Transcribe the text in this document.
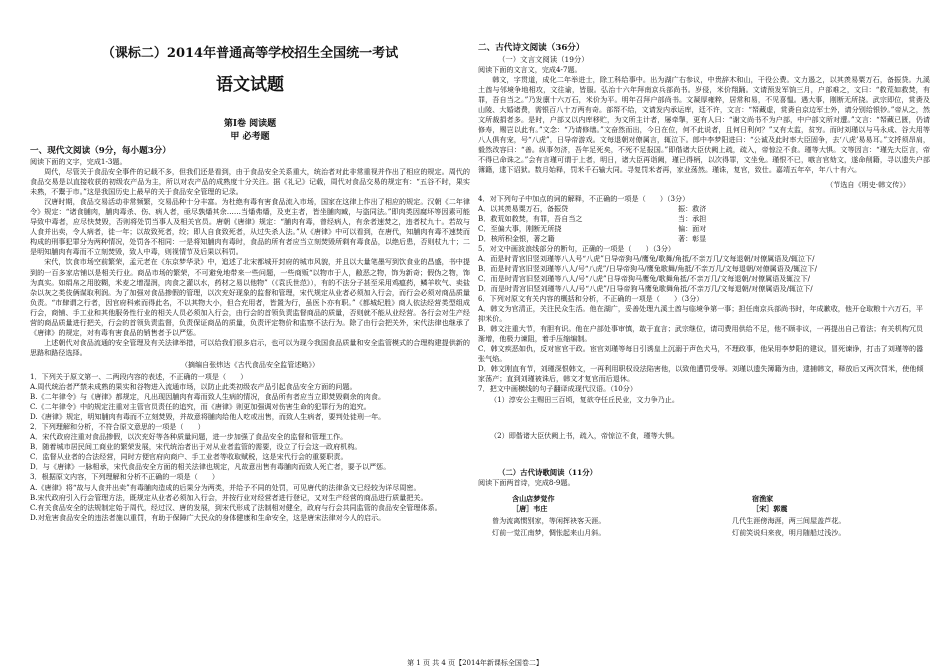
（课标二）2014年普通高等学校招生全国统一考试
语文试题
第Ⅰ卷 阅读题
甲 必考题
一、现代文阅读（9分，每小题3分）

阅读下面的文字，完成1-3题。

周代，尽管关于食品安全事件的记载不多，但我们还是看到，由于食品安全关系重大，统治者对此非常重视并作出了相应的规定。周代的食品交易是以直接收获的初级农产品为主，所以对农产品的成熟度十分关注。据《礼记》记载，周代对食品交易的规定有：“五谷不时，果实未熟，不鬻于市。”这是我国历史上最早的关于食品安全管理的记录。

汉唐时期，食品交易活动非常频繁，交易品种十分丰富。为杜绝有毒有害食品流入市场，国家在这律上作出了相应的规定。汉朝《二年律令》规定：“诸食脯肉，脯肉毒杀、伤、病人者，亟尽孰燔其余……当燔弗燔，及吏主者，皆坐脯肉臧，与盗同法。”即肉类因腐坏等因素可能导致中毒者，应尽快焚毁，否则将处罚当事人及相关官员。唐朝《唐律》规定：“脯肉有毒，曾经病人，有余者速焚之，违者杖九十。若故与人食并出卖，令人病者，徒一年；以故致死者，绞；即人自食致死者，从过失杀人法。”从《唐律》中可以看到，在唐代，知脯肉有毒不速焚而构成的刑事犯罪分为两种情况，处罚各不相同：一是将知脯肉有毒时，食品的所有者应当立刻焚毁所剩有毒食品，以绝后患，否则杖九十；二是明知脯肉有毒而不立刻焚毁，致人中毒，则视情节及后果以科罚。

宋代，饮食市场空前繁荣，孟元老在《东京梦华录》中，追述了北宋都城开封府的城市风貌，并且以大量笔墨写到饮食业的昌盛，书中提到的一百多家店铺以是相关行业。商品市场的繁荣，不可避免地带来一些问题，一些商贩“以物市于人，敝恶之物，饰为新奇；假伪之物，饰为真实。如绢帛之用胶糊，米麦之增湿润，肉食之灌以水，药材之易以他物”（《袁氏世范》），有的不法分子甚至采用鸡瘟药，鳞羊吹气、卖盐杂以灰之类伎俩谋取利润。为了加强对食品掺假的管理，以次充好现象的监督和管理，宋代规定从业者必须加入行会，而行会必须对商品质量负责。“市肆谓之行者，因官府科索而得此名，不以其物大小，但合充用者，皆置为行，虽医卜亦有职。”《都城纪胜》商人依法经营类型组成行会，商铺、手工业和其他服务性行业的相关人员必须加入行会，由行会的首领负责监督商品的质量，否则就不能从业经营。各行会对生产经营的商品质量进行把关，行会的首领负责监督，负责保证商品的质量，负责评定物价和监察不法行为。除了由行会把关外，宋代法律也继承了《唐律》的规定，对有毒有害食品的销售者予以严惩。

上述朝代对食品流通的安全管理及有关法律举措，可以给我们很多启示，也可以为现今我国食品质量和安全监管模式的合理构建提供新的思路和路径选择。

（摘编自张炜达《古代食品安全监管述略》）

1．下列关于原文第一、二两段内容的表述，不正确的一项是（　　）

A.周代统治者严禁未成熟的果实和谷物进入流通市场，以防止此类初级农产品引起食品安全方面的问题。

B.《二年律令》与《唐律》都规定，凡出现因脯肉有毒而致人生病的情况，食品所有者应当立即焚毁剩余的肉食。

C.《二年律令》中的规定注重对主管官员责任的追究，而《唐律》则更加强调对伤害生命的犯罪行为的追究。

D.《唐律》规定，明知脯肉有毒而不立刻焚毁，并故意将脯肉给他人吃或出售，而致人生病者，要判处徒刑一年。

2．下列理解和分析，不符合原文意思的一项是（　　）

A．宋代政府注重对食品掺假，以次充好等各种质量问题，进一步加强了食品安全的监督和管理工作。

B．随着城市居民间工商业的繁荣发展，宋代统治者出于对从业者监管的需要，设立了行会这一政府机构。

C．监督从业者的合法经营，同时方便官府向商户、手工业者等收取赋税，这是宋代行会的重要职责。

D．与《唐律》一脉相承，宋代食品安全方面的相关法律也规定，凡故意出售有毒脯肉而致人死亡者，要予以严惩。

3．根据原文内容，下列理解和分析不正确的一项是（　　）

A.《唐律》将“故与人食并出卖”有毒脯肉造成的后果分为两类，并给予不同的处罚，可见唐代的法律条文已经较为详尽周密。

B.宋代政府引入行会管理方法，既规定从业者必须加入行会，并按行业对经营者进行登记，又对生产经营的商品进行质量把关。

C.有关食品安全的法规制定始于周代，经过汉、唐的发展，到宋代形成了法制相对健全，政府与行会共同监管的食品安全管理体系。

D.对危害食品安全的违法者施以重罚，有助于保障广大民众的身体健康和生命安全，这是唐宋法律对今人的启示。

二、古代诗文阅读（36分）
（一）文言文阅读（19分）

阅读下面的文言文，完成4-7题。

韩文，字贯道，成化二年举进士，除工科给事中。出为湖广右参议，中贵辞木和山，干役公费。文力遏之，以其羡易粟万石，备振贷。九溪土酋与邻境争地相攻，文往谕，皆服。弘治十六年拜南京兵部尚书。岁侵，米价翔踊。文请预发军饷三月，户部难之，文曰：“救荒如救焚，有罪，吾自当之。”乃发廪十六万石，米价为平。明年召拜户部尚书。文凝厚雍粹，居常和易，不见喜愠。遇大事，刚断无所挠。武宗即位，赏赉及山陵、大婚诸费，需银百八十万两有奇。部帑不给，文请发内承运库，廷不许，文言：“帑藏虚，赏赉自京边军士外，请分别给银钞。”帝从之，然文所裁捐者多。是时，户部又以内库移贮，为文所主计者，屡牵掣，更有人曰：“谢文尚书不为户部，中户部文所对遭。”文言：“帑藏已匮，仍请修寿，赐岂以此有。”文念：“乃请修缮。”文奋然而出，今日在位，何不此说者，且何日利何？”又有太监，贫穷。而时刘瑾以与马永成、谷大用等八人俱有宠，号“八虎”，日导帝游戏。文每退朝对僚属言，辄泣下。郎中李梦阳进曰：“公诚及此时率大臣固争，去‘八虎’易易耳。”文捋须昂肩，毅然改容曰：“善。纵事勿济，吾年足死矣，不死不足报国。”即偕诸大臣伏阙上疏，疏入，帝惊泣不食。瑾等大惧。文等因言：“瑾先大臣言，帝不得已命诛之。”会有言瑾可谓于上者，明日，诸大臣再诣阙，瑾已得柄，以次得罪，文坐免。瑾恨不已，嗾言官劾文，遂命削籍，寻以遗失户部簿籍，逮下诏狱。数月始释，罚米千石输大同。寻复罚米者再，家业荡然。瑾诛，复官，致仕。嘉靖五年卒，年八十有六。

（节选自《明史·韩文传》）

4．对下列句子中加点的词的解释，不正确的一项是（　　）（3分）

A．以其羡易粟万石，备振贷	振：救济
B．救荒如救焚，有罪，吾自当之	当：承担
C．至偏大事，刚断无所挠	偏：面对
D．核所积金银，著之籍	著：彰显

5．对文中画波浪线部分的断句，正确的一项是（　　）（3分）

A．而是时青宫旧竖刘瑾等八人号“八虎”日导帝狗马/鹰兔/歌舞/角抵/不亲万几/文每退朝/对僚属语及/辄泣下/

B．而是时青宫旧竖刘瑾等八人/号“八虎”/日导帝狗马/鹰兔歌舞/角抵/不亲万几/文每退朝/对僚属语及/辄泣下/

C．而是时青宫旧竖刘瑾等八人/号“八虎”日导帝狗马鹰兔/歌舞角抵/不亲万几/文每退朝/对僚属语及辄泣下/

D．而是时青宫旧竖刘瑾等八人/号“八虎”/日导帝狗马鹰兔歌舞角抵/不亲万几/文每退朝/对僚属语及/辄泣下/

6．下列对原文有关内容的概括和分析，不正确的一项是（　　）（3分）

A．韩文为官清正，关注民众生活。他在湖广，妥善处理九溪土酋与临境争第一事；担任南京兵部尚书时，年成歉收，他开仓取粮十六万石，平抑米价。

B．韩文注重大节，有胆有识。他在户部处事审慎，敢于直言；武宗继位，请司费用供给不足，他不顾非议，一再提出自己看法；有关机构冗员渐增，他极力谏阻，着手压缩编制。

C．韩文疾恶如仇，反对宦官干政。宦官刘瑾等每日引诱皇上沉溺于声色犬马，不理政事，他呆用李梦阳的建议，冒死谏诤，打击了刘瑾等的嚣张气焰。

D．韩文刚直有节，刘瑾深恨韩文，一再利用职权设法陷害他，以致他遭罚受辱。刘瑾以遗失簿籍为由，逮捕韩文，释放后又两次罚米，使他倾家荡产；直到刘瑾被诛后，韩文才复官而后退休。

7．把文中画横线的句子翻译成现代汉语。（10分）

（1）淳安公主赐田三百顷，复欲夺任丘民业，文力争乃止。

（2）即偕诸大臣伏阙上书，疏入，帝惊泣不食，瑾等大惧。

（二）古代诗歌阅读（11分）

阅读下面两首诗，完成8-9题。

含山店梦觉作
［唐］韦庄
曾为流离惯别家，等闲挥袂客天涯。
灯前一觉江南梦，惆怅起来山月斜。
宿渔家
［宋］郭震
几代生涯傍海涯，两三间屋盖芦花。
灯前笑说归来夜，明月随船过浅沙。
第 1 页 共 4 页【2014年新课标全国卷二】
